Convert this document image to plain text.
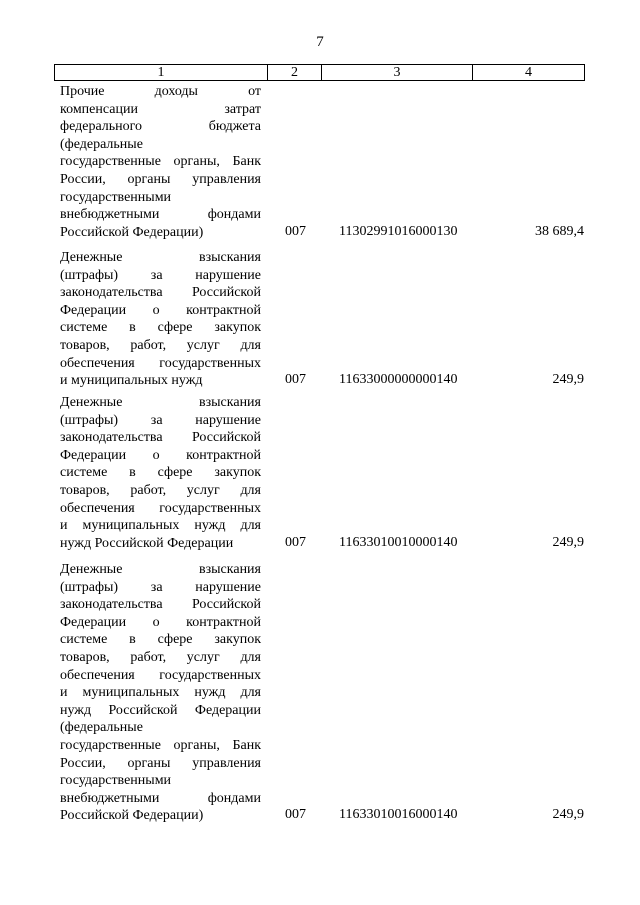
7
1	2	3	4
Прочие доходы от
компенсации затрат
федерального бюджета
(федеральные
государственные органы, Банк
России, органы управления
государственными
внебюджетными фондами
Российской Федерации)	007 11302991016000130	38 689,4
Денежные взыскания
(штрафы) за нарушение
законодательства Российской
Федерации о контрактной
системе в сфере закупок
товаров, работ, услуг для
обеспечения государственных
и муниципальных нужд	007 11633000000000140	249,9
Денежные взыскания
(штрафы) за нарушение
законодательства Российской
Федерации о контрактной
системе в сфере закупок
товаров, работ, услуг для
обеспечения государственных
и муниципальных нужд для
нужд Российской Федерации	007 11633010010000140	249,9
Денежные взыскания
(штрафы) за нарушение
законодательства Российской
Федерации о контрактной
системе в сфере закупок
товаров, работ, услуг для
обеспечения государственных
и муниципальных нужд для
нужд Российской Федерации
(федеральные
государственные органы, Банк
России, органы управления
государственными
внебюджетными фондами
Российской Федерации)	007 11633010016000140	249,9
